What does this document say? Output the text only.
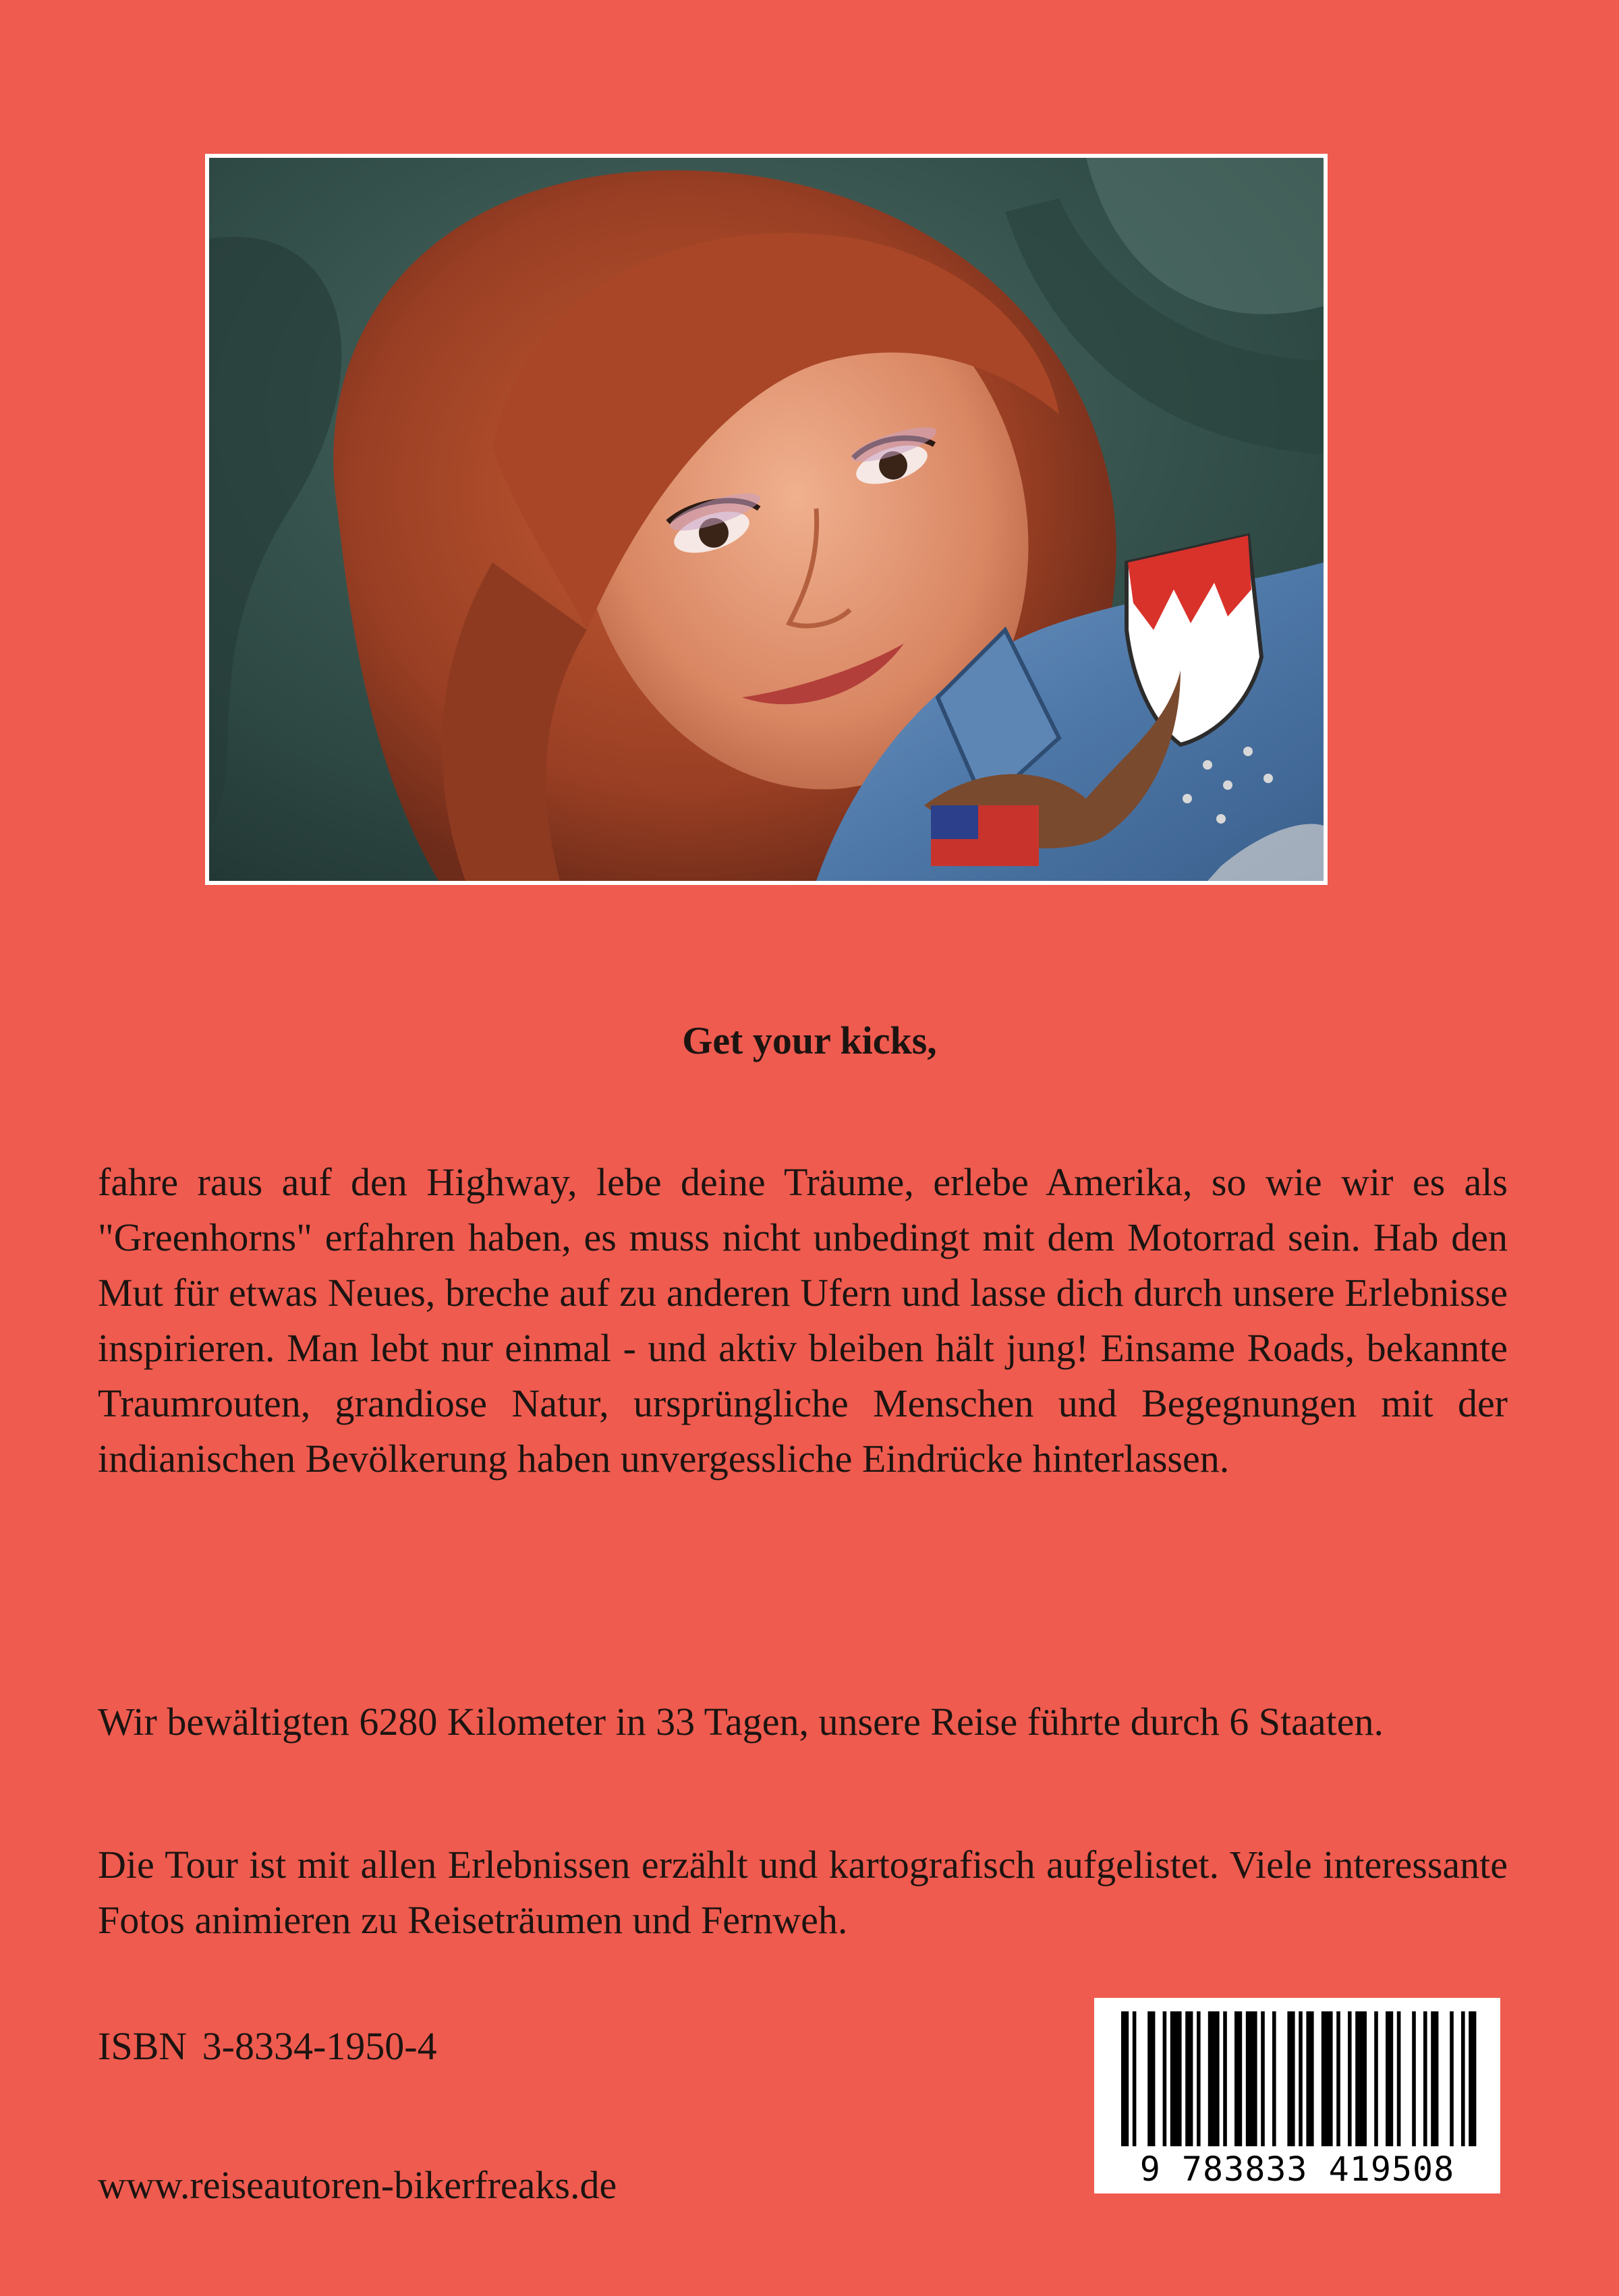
Get your kicks,

fahre raus auf den Highway, lebe deine Träume, erlebe Amerika, so wie wir es als "Greenhorns" erfahren haben, es muss nicht unbedingt mit dem Motorrad sein. Hab den Mut für etwas Neues, breche auf zu anderen Ufern und lasse dich durch unsere Erlebnisse inspirieren. Man lebt nur einmal - und aktiv bleiben hält jung! Einsame Roads, bekannte Traumrouten, grandiose Natur, ursprüngliche Menschen und Begegnungen mit der indianischen Bevölkerung haben unvergessliche Eindrücke hinterlassen.

Wir bewältigten 6280 Kilometer in 33 Tagen, unsere Reise führte durch 6 Staaten.

Die Tour ist mit allen Erlebnissen erzählt und kartografisch aufgelistet. Viele interessante Fotos animieren zu Reiseträumen und Fernweh.

ISBN 3-8334-1950-4
www.reiseautoren-bikerfreaks.de	9 783833 419508
